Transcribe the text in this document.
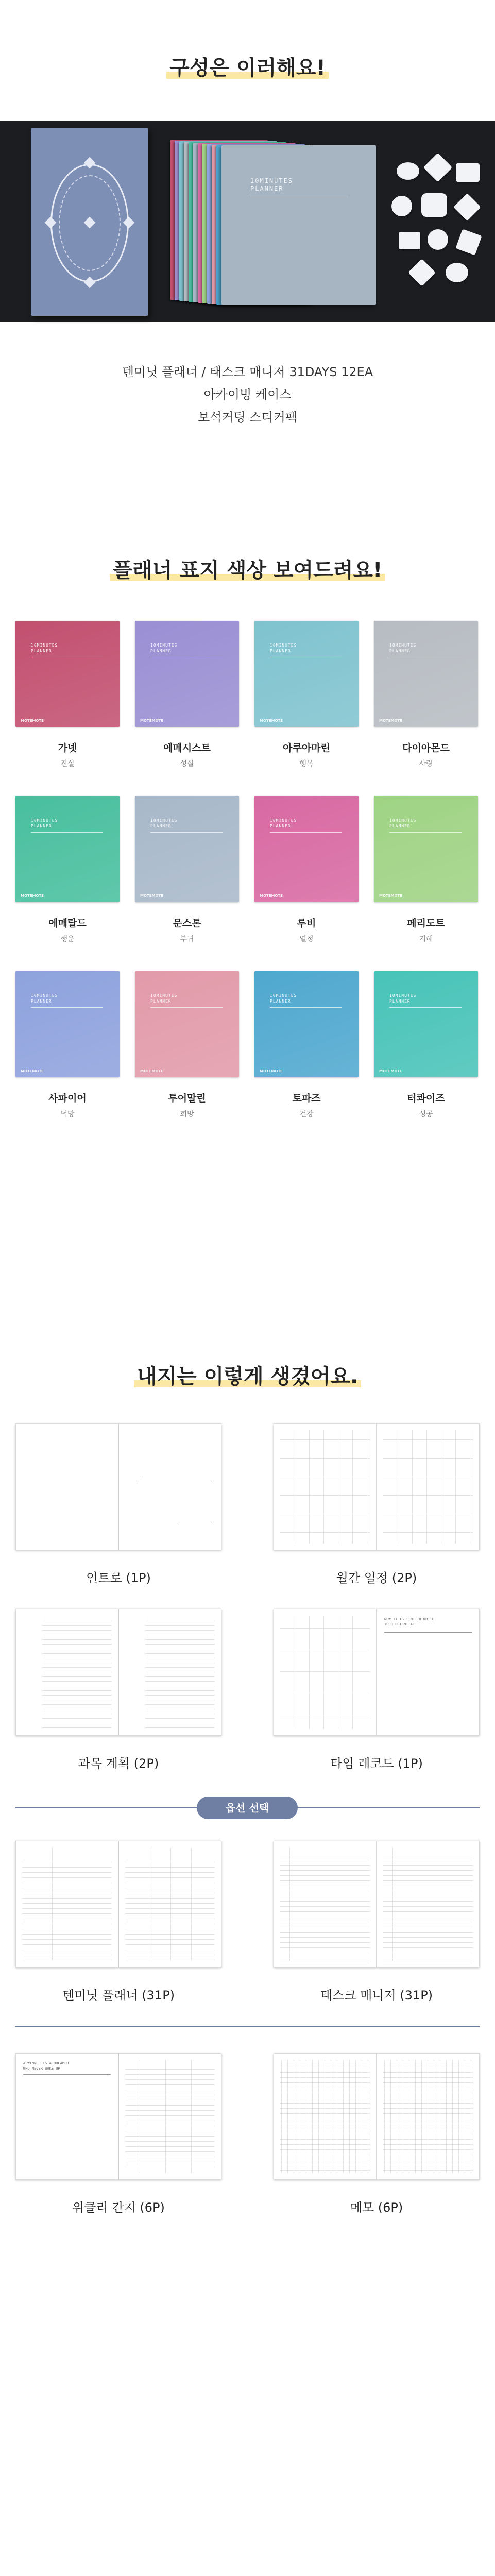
구성은 이러해요!
10MINUTES
PLANNER
텐미닛 플래너 / 태스크 매니저 31DAYS 12EA
아카이빙 케이스
보석커팅 스티커팩
플래너 표지 색상 보여드려요!
10MINUTES
PLANNER
MOTEMOTE
가넷
진실
10MINUTES
PLANNER
MOTEMOTE
에메시스트
성실
10MINUTES
PLANNER
MOTEMOTE
아쿠아마린
행복
10MINUTES
PLANNER
MOTEMOTE
다이아몬드
사랑
10MINUTES
PLANNER
MOTEMOTE
에메랄드
행운
10MINUTES
PLANNER
MOTEMOTE
문스톤
부귀
10MINUTES
PLANNER
MOTEMOTE
루비
열정
10MINUTES
PLANNER
MOTEMOTE
페리도트
지혜
10MINUTES
PLANNER
MOTEMOTE
사파이어
덕망
10MINUTES
PLANNER
MOTEMOTE
투어말린
희망
10MINUTES
PLANNER
MOTEMOTE
토파즈
건강
10MINUTES
PLANNER
MOTEMOTE
터콰이즈
성공
내지는 이렇게 생겼어요.
·
인트로 (1P)	월간 일정 (2P)
과목 계획 (2P)
NOW IT IS TIME TO WRITE
YOUR POTENTIAL
타임 레코드 (1P)
옵션 선택
텐미닛 플래너 (31P)	태스크 매니저 (31P)
A WINNER IS A DREAMER
WHO NEVER WAKE UP
위클리 간지 (6P)	메모 (6P)
